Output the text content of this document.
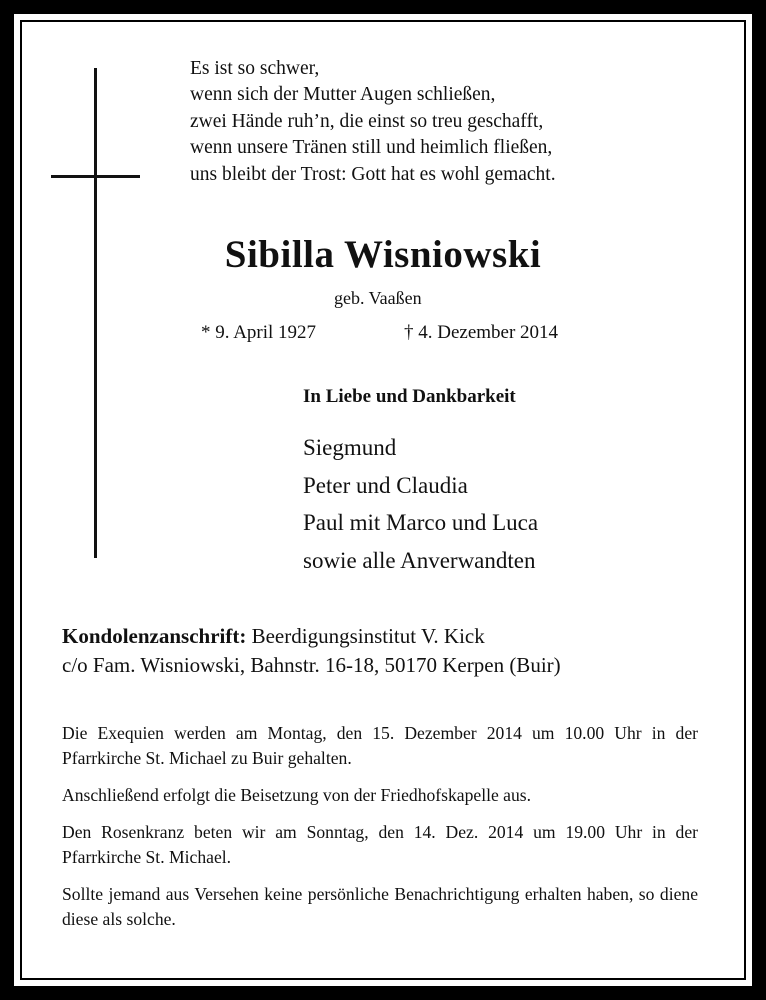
Es ist so schwer,
wenn sich der Mutter Augen schließen,
zwei Hände ruh’n, die einst so treu geschafft,
wenn unsere Tränen still und heimlich fließen,
uns bleibt der Trost: Gott hat es wohl gemacht.
Sibilla Wisniowski
geb. Vaaßen
* 9. April 1927	† 4. Dezember 2014
In Liebe und Dankbarkeit
Siegmund
Peter und Claudia
Paul mit Marco und Luca
sowie alle Anverwandten
Kondolenzanschrift: Beerdigungsinstitut V. Kick
c/o Fam. Wisniowski, Bahnstr. 16-18, 50170 Kerpen (Buir)

Die Exequien werden am Montag, den 15. Dezember 2014 um 10.00 Uhr in der Pfarrkirche St. Michael zu Buir gehalten.

Anschließend erfolgt die Beisetzung von der Friedhofskapelle aus.

Den Rosenkranz beten wir am Sonntag, den 14. Dez. 2014 um 19.00 Uhr in der Pfarrkirche St. Michael.

Sollte jemand aus Versehen keine persönliche Benachrichtigung erhalten haben, so diene diese als solche.
